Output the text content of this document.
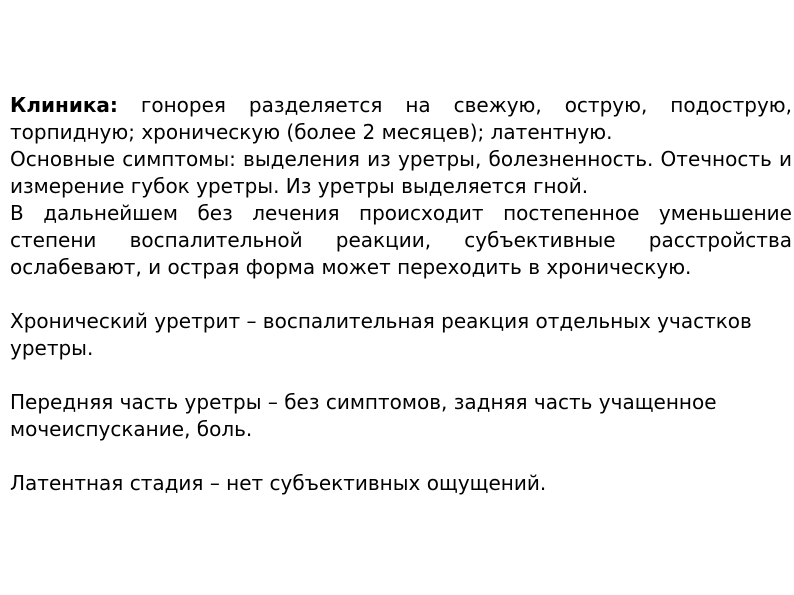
Клиника: гонорея разделяется на свежую, острую, подострую, торпидную; хроническую (более 2 месяцев); латентную.

Основные симптомы: выделения из уретры, болезненность. Отечность и измерение губок уретры. Из уретры выделяется гной.

В дальнейшем без лечения происходит постепенное уменьшение степени воспалительной реакции, субъективные расстройства ослабевают, и острая форма может переходить в хроническую.

Хронический уретрит – воспалительная реакция отдельных участков уретры.

Передняя часть уретры – без симптомов, задняя часть учащенное мочеиспускание, боль.

Латентная стадия – нет субъективных ощущений.
